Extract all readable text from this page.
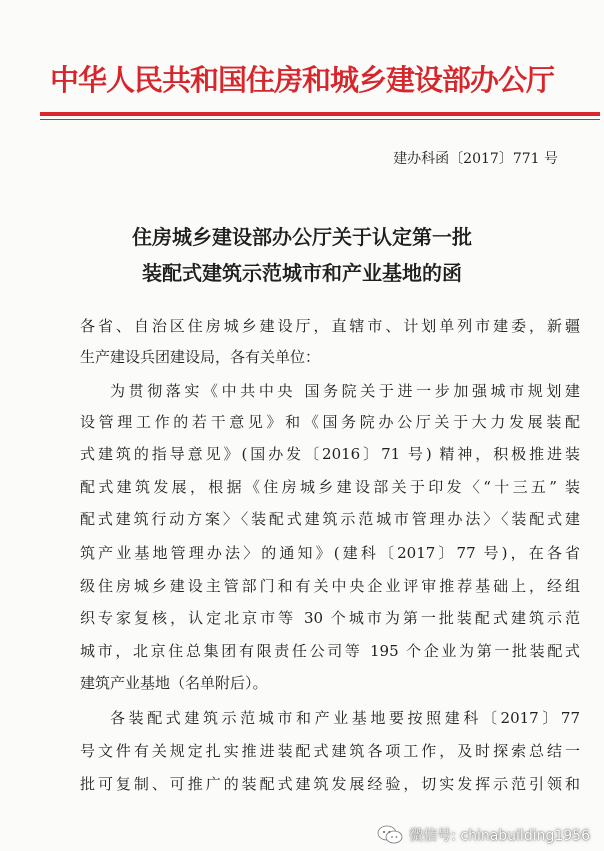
中华人民共和国住房和城乡建设部办公厅
建办科函〔2017〕771 号
住房城乡建设部办公厅关于认定第一批
装配式建筑示范城市和产业基地的函
各省、自治区住房城乡建设厅，直辖市、计划单列市建委，新疆
生产建设兵团建设局，各有关单位：
为贯彻落实《中共中央 国务院关于进一步加强城市规划建
设管理工作的若干意见》和《国务院办公厅关于大力发展装配
式建筑的指导意见》(国办发〔2016〕71 号) 精神，积极推进装
配式建筑发展，根据《住房城乡建设部关于印发〈“十三五” 装
配式建筑行动方案〉〈装配式建筑示范城市管理办法〉〈装配式建
筑产业基地管理办法〉的通知》(建科〔2017〕77 号)，在各省
级住房城乡建设主管部门和有关中央企业评审推荐基础上，经组
织专家复核，认定北京市等 30 个城市为第一批装配式建筑示范
城市，北京住总集团有限责任公司等 195 个企业为第一批装配式
建筑产业基地（名单附后）。
各装配式建筑示范城市和产业基地要按照建科〔2017〕77
号文件有关规定扎实推进装配式建筑各项工作，及时探索总结一
批可复制、可推广的装配式建筑发展经验，切实发挥示范引领和
微信号: chinabuilding1956
